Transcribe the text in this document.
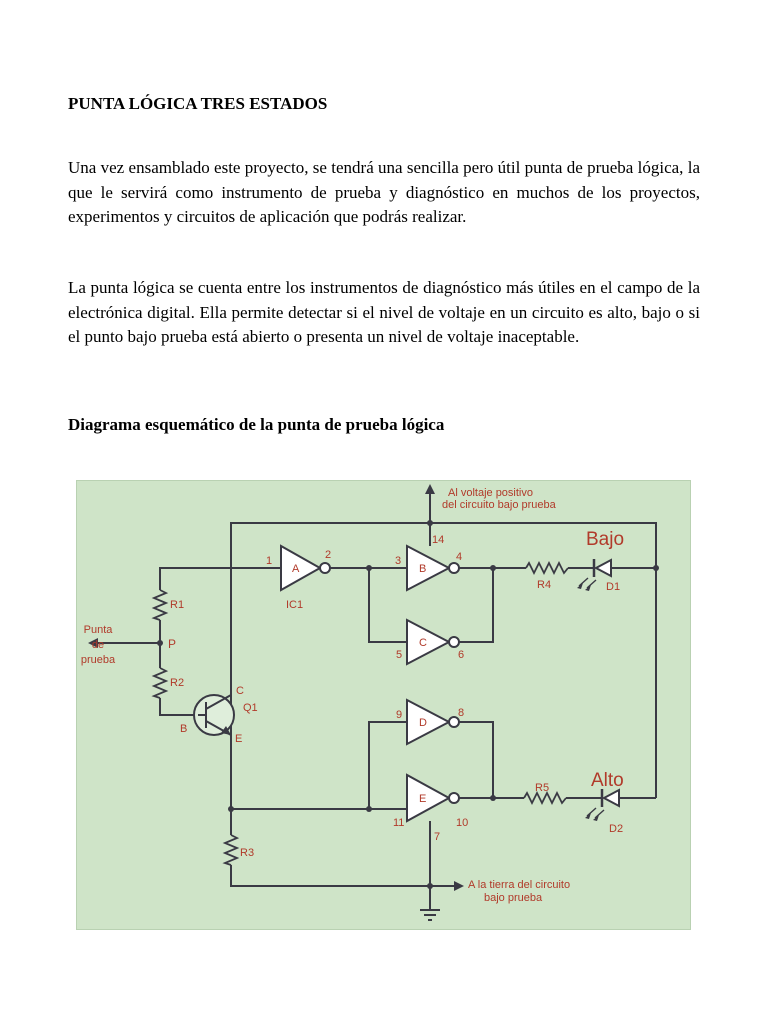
PUNTA LÓGICA TRES ESTADOS

Una vez ensamblado este proyecto, se tendrá una sencilla pero útil punta de prueba lógica, la que le servirá como instrumento de prueba y diagnóstico en muchos de los proyectos, experimentos y circuitos de aplicación que podrás realizar.

La punta lógica se cuenta entre los instrumentos de diagnóstico más útiles en el campo de la electrónica digital. Ella permite detectar si el nivel de voltaje en un circuito es alto, bajo o si el punto bajo prueba está abierto o presenta un nivel de voltaje inaceptable.

Diagrama esquemático de la punta de prueba lógica
Al voltaje positivo
del circuito bajo prueba
A la tierra del circuito
bajo prueba
Punta
de
prueba
P
R1
R2
R3
R4
R5
Q1
C
B
E
IC1
A	B
C
D
E
1	2	3	4
14
5	6
9	8
11	10
7
D1
D2
Bajo
Alto
